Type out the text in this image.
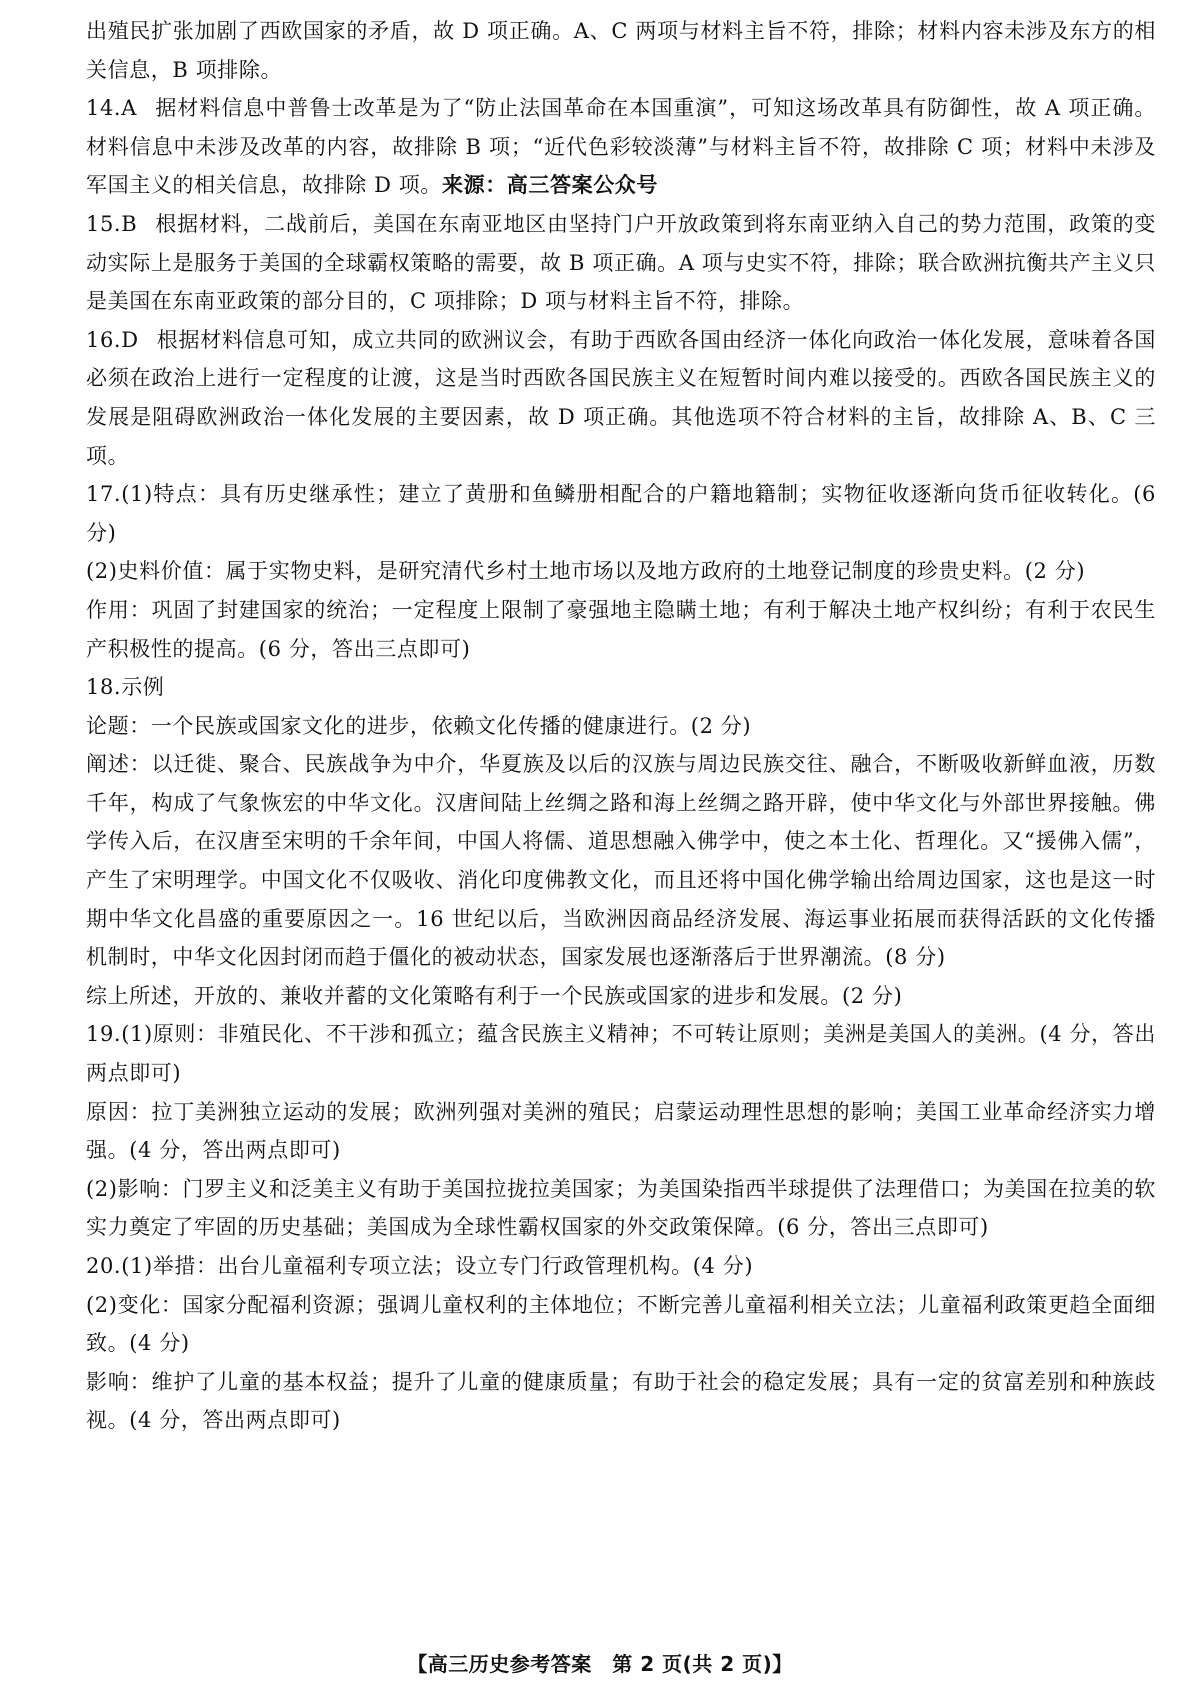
出殖民扩张加剧了西欧国家的矛盾，故 D 项正确。A、C 两项与材料主旨不符，排除；材料内容未涉及东方的相关信息，B 项排除。

14.A 据材料信息中普鲁士改革是为了“防止法国革命在本国重演”，可知这场改革具有防御性，故 A 项正确。材料信息中未涉及改革的内容，故排除 B 项；“近代色彩较淡薄”与材料主旨不符，故排除 C 项；材料中未涉及军国主义的相关信息，故排除 D 项。来源：高三答案公众号

15.B 根据材料，二战前后，美国在东南亚地区由坚持门户开放政策到将东南亚纳入自己的势力范围，政策的变动实际上是服务于美国的全球霸权策略的需要，故 B 项正确。A 项与史实不符，排除；联合欧洲抗衡共产主义只是美国在东南亚政策的部分目的，C 项排除；D 项与材料主旨不符，排除。

16.D 根据材料信息可知，成立共同的欧洲议会，有助于西欧各国由经济一体化向政治一体化发展，意味着各国必须在政治上进行一定程度的让渡，这是当时西欧各国民族主义在短暂时间内难以接受的。西欧各国民族主义的发展是阻碍欧洲政治一体化发展的主要因素，故 D 项正确。其他选项不符合材料的主旨，故排除 A、B、C 三项。

17.(1)特点：具有历史继承性；建立了黄册和鱼鳞册相配合的户籍地籍制；实物征收逐渐向货币征收转化。(6 分)

(2)史料价值：属于实物史料，是研究清代乡村土地市场以及地方政府的土地登记制度的珍贵史料。(2 分)

作用：巩固了封建国家的统治；一定程度上限制了豪强地主隐瞒土地；有利于解决土地产权纠纷；有利于农民生产积极性的提高。(6 分，答出三点即可)

18.示例

论题：一个民族或国家文化的进步，依赖文化传播的健康进行。(2 分)

阐述：以迁徙、聚合、民族战争为中介，华夏族及以后的汉族与周边民族交往、融合，不断吸收新鲜血液，历数千年，构成了气象恢宏的中华文化。汉唐间陆上丝绸之路和海上丝绸之路开辟，使中华文化与外部世界接触。佛学传入后，在汉唐至宋明的千余年间，中国人将儒、道思想融入佛学中，使之本土化、哲理化。又“援佛入儒”，产生了宋明理学。中国文化不仅吸收、消化印度佛教文化，而且还将中国化佛学输出给周边国家，这也是这一时期中华文化昌盛的重要原因之一。16 世纪以后，当欧洲因商品经济发展、海运事业拓展而获得活跃的文化传播机制时，中华文化因封闭而趋于僵化的被动状态，国家发展也逐渐落后于世界潮流。(8 分)

综上所述，开放的、兼收并蓄的文化策略有利于一个民族或国家的进步和发展。(2 分)

19.(1)原则：非殖民化、不干涉和孤立；蕴含民族主义精神；不可转让原则；美洲是美国人的美洲。(4 分，答出两点即可)

原因：拉丁美洲独立运动的发展；欧洲列强对美洲的殖民；启蒙运动理性思想的影响；美国工业革命经济实力增强。(4 分，答出两点即可)

(2)影响：门罗主义和泛美主义有助于美国拉拢拉美国家；为美国染指西半球提供了法理借口；为美国在拉美的软实力奠定了牢固的历史基础；美国成为全球性霸权国家的外交政策保障。(6 分，答出三点即可)

20.(1)举措：出台儿童福利专项立法；设立专门行政管理机构。(4 分)

(2)变化：国家分配福利资源；强调儿童权利的主体地位；不断完善儿童福利相关立法；儿童福利政策更趋全面细致。(4 分)

影响：维护了儿童的基本权益；提升了儿童的健康质量；有助于社会的稳定发展；具有一定的贫富差别和种族歧视。(4 分，答出两点即可)

【高三历史参考答案　第 2 页(共 2 页)】
